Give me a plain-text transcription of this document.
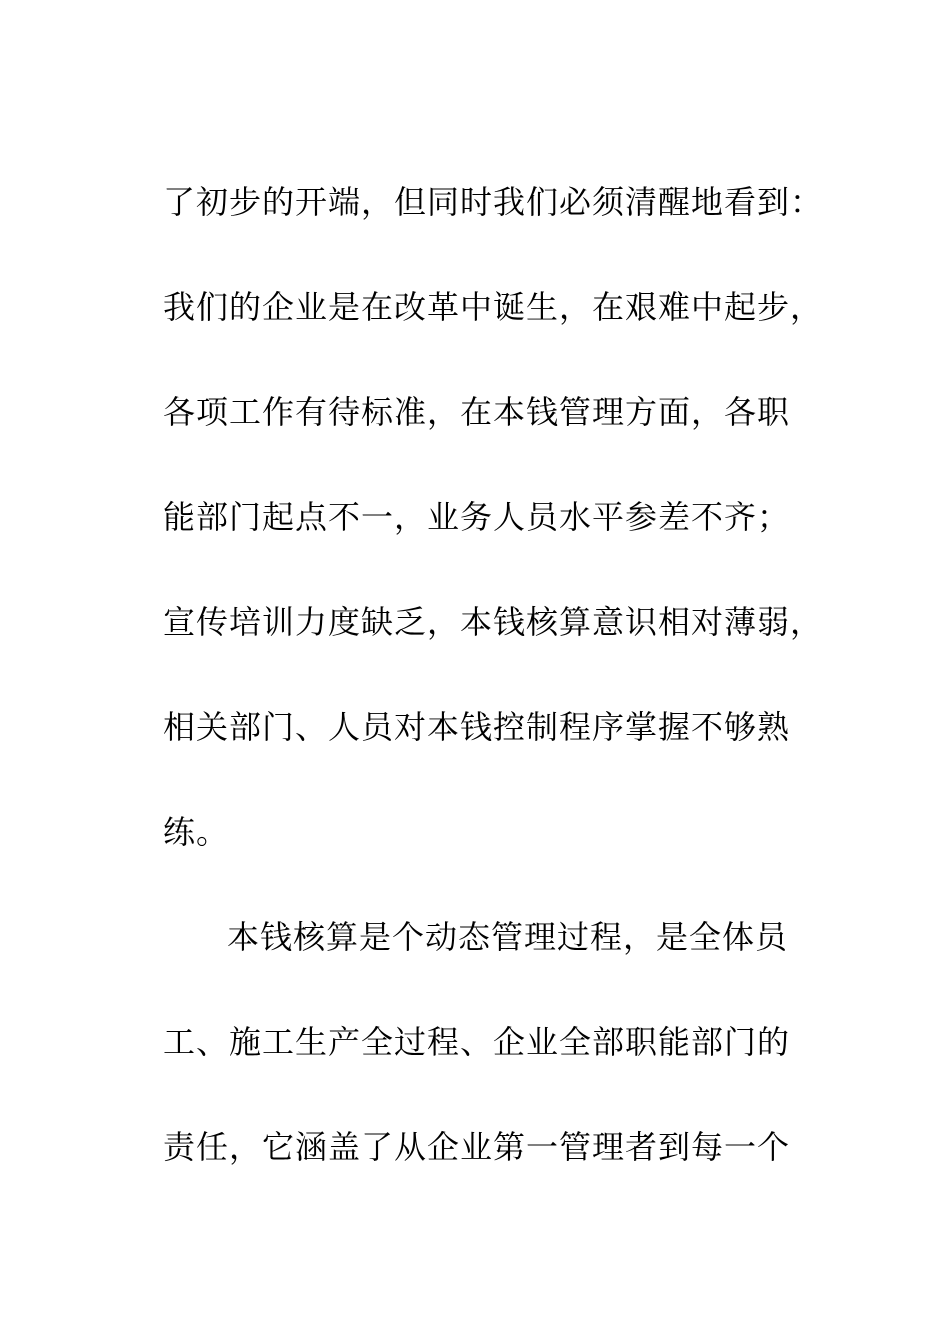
了初步的开端，但同时我们必须清醒地看到：
我们的企业是在改革中诞生，在艰难中起步，
各项工作有待标准，在本钱管理方面，各职
能部门起点不一，业务人员水平参差不齐；
宣传培训力度缺乏，本钱核算意识相对薄弱，
相关部门、人员对本钱控制程序掌握不够熟
练。
本钱核算是个动态管理过程，是全体员
工、施工生产全过程、企业全部职能部门的
责任，它涵盖了从企业第一管理者到每一个
